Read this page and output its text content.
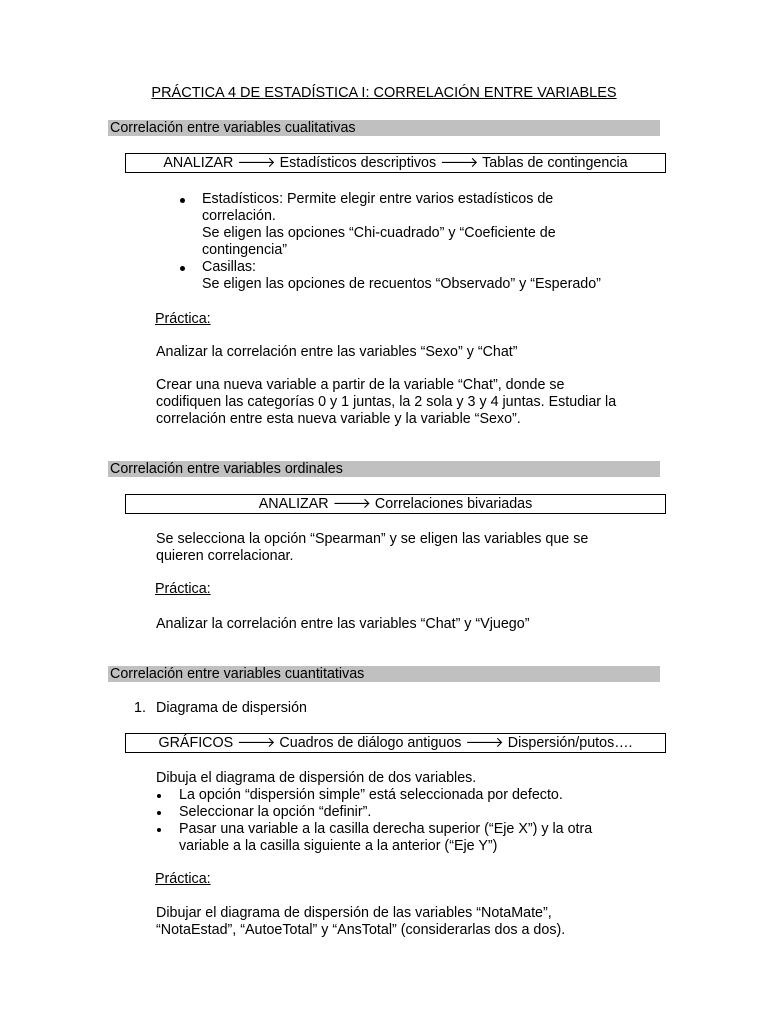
PRÁCTICA 4 DE ESTADÍSTICA I: CORRELACIÓN ENTRE VARIABLES
Correlación entre variables cualitativas
ANALIZAR 🡒 Estadísticos descriptivos 🡒 Tablas de contingencia
Estadísticos: Permite elegir entre varios estadísticos de
correlación.
Se eligen las opciones “Chi-cuadrado” y “Coeficiente de
contingencia”
Casillas:
Se eligen las opciones de recuentos “Observado” y “Esperado”
Práctica:
Analizar la correlación entre las variables “Sexo” y “Chat”
Crear una nueva variable a partir de la variable “Chat”, donde se
codifiquen las categorías 0 y 1 juntas, la 2 sola y 3 y 4 juntas. Estudiar la
correlación entre esta nueva variable y la variable “Sexo”.
Correlación entre variables ordinales
ANALIZAR 🡒 Correlaciones bivariadas
Se selecciona la opción “Spearman” y se eligen las variables que se
quieren correlacionar.
Práctica:
Analizar la correlación entre las variables “Chat” y “Vjuego”
Correlación entre variables cuantitativas
1. Diagrama de dispersión
GRÁFICOS 🡒 Cuadros de diálogo antiguos 🡒 Dispersión/putos….
Dibuja el diagrama de dispersión de dos variables.
La opción “dispersión simple” está seleccionada por defecto.
Seleccionar la opción “definir”.
Pasar una variable a la casilla derecha superior (“Eje X”) y la otra
variable a la casilla siguiente a la anterior (“Eje Y”)
Práctica:
Dibujar el diagrama de dispersión de las variables “NotaMate”,
“NotaEstad”, “AutoeTotal” y “AnsTotal” (considerarlas dos a dos).
